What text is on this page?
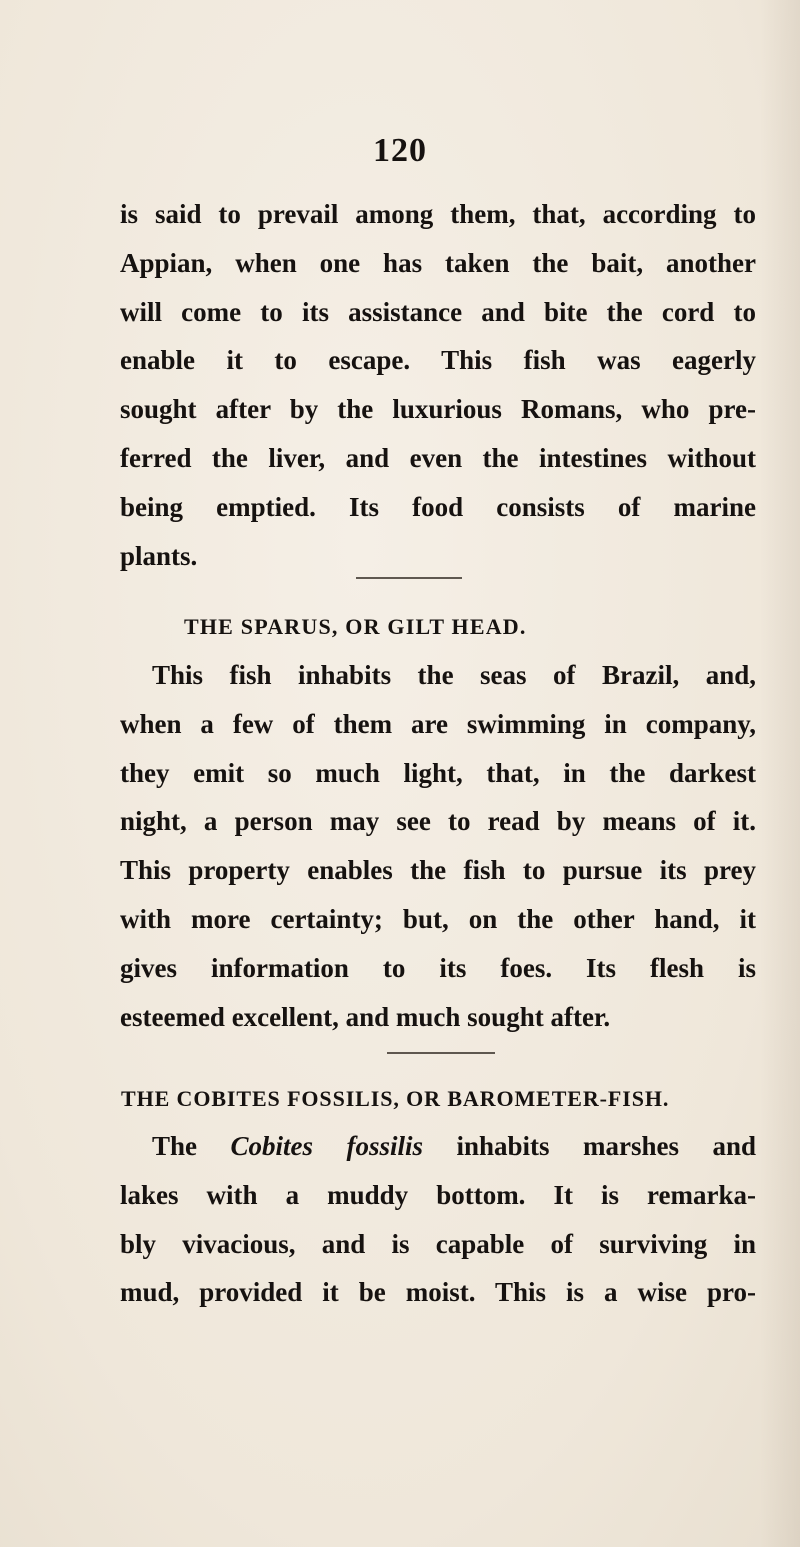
120
is said to prevail among them, that, according to
Appian, when one has taken the bait, another
will come to its assistance and bite the cord to
enable it to escape. This fish was eagerly
sought after by the luxurious Romans, who pre-
ferred the liver, and even the intestines without
being emptied. Its food consists of marine
plants.
THE SPARUS, OR GILT HEAD.
This fish inhabits the seas of Brazil, and,
when a few of them are swimming in company,
they emit so much light, that, in the darkest
night, a person may see to read by means of it.
This property enables the fish to pursue its prey
with more certainty; but, on the other hand, it
gives information to its foes. Its flesh is
esteemed excellent, and much sought after.
THE COBITES FOSSILIS, OR BAROMETER-FISH.
The Cobites fossilis inhabits marshes and
lakes with a muddy bottom. It is remarka-
bly vivacious, and is capable of surviving in
mud, provided it be moist. This is a wise pro-
